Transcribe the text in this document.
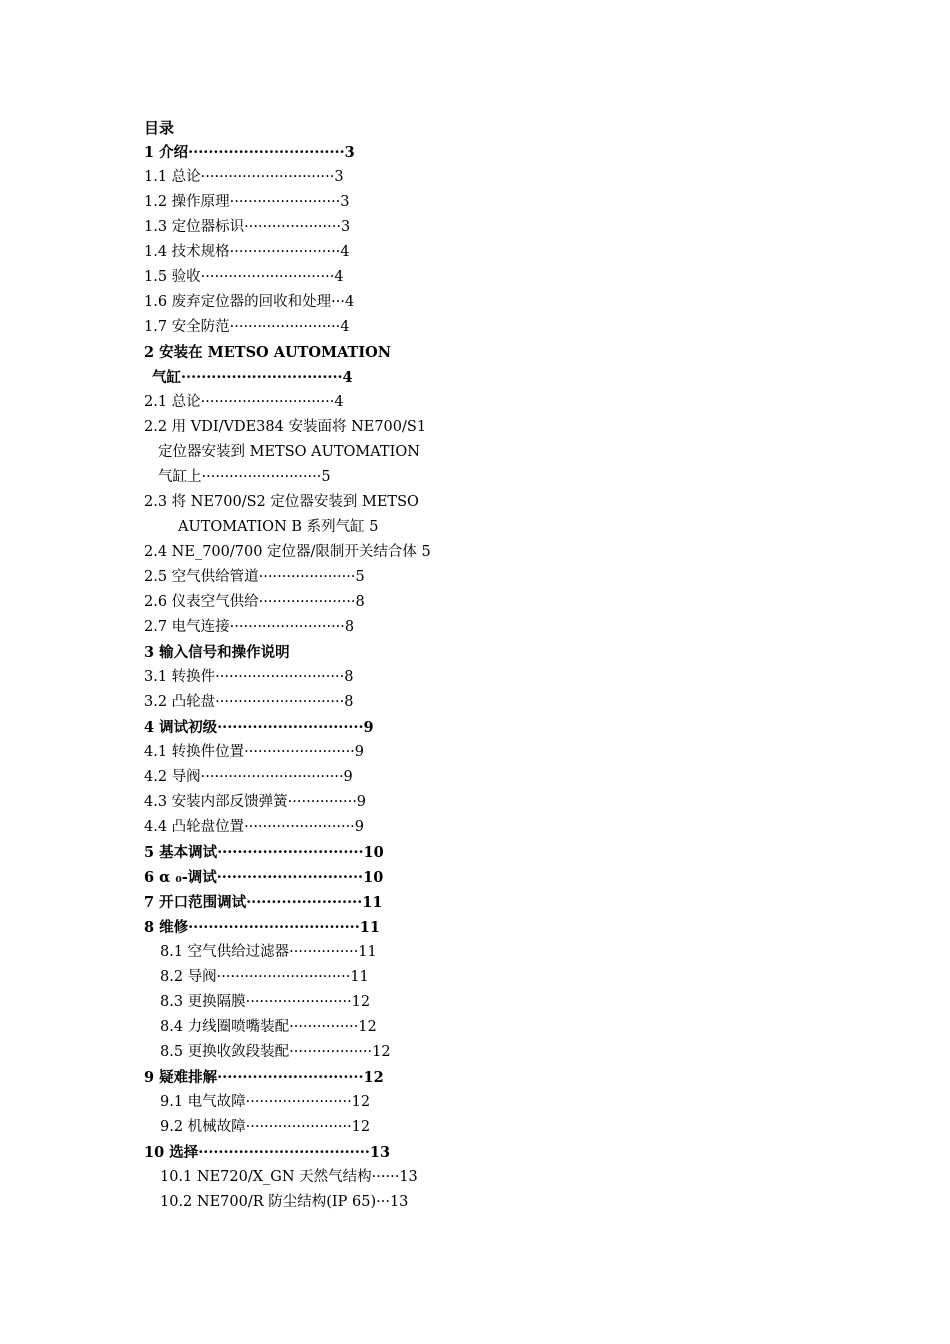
目录
1 介绍·······························3
1.1 总论·····························3
1.2 操作原理························3
1.3 定位器标识·····················3
1.4 技术规格························4
1.5 验收·····························4
1.6 废弃定位器的回收和处理···4
1.7 安全防范························4
2 安装在 METSO AUTOMATION
气缸································4
2.1 总论·····························4
2.2 用 VDI/VDE384 安装面将 NE700/S1
定位器安装到 METSO AUTOMATION
气缸上··························5
2.3 将 NE700/S2 定位器安装到 METSO
AUTOMATION B 系列气缸 5
2.4 NE_700/700 定位器/限制开关结合体 5
2.5 空气供给管道·····················5
2.6 仪表空气供给·····················8
2.7 电气连接·························8
3 输入信号和操作说明
3.1 转换件····························8
3.2 凸轮盘····························8
4 调试初级·····························9
4.1 转换件位置························9
4.2 导阀·······························9
4.3 安装内部反馈弹簧···············9
4.4 凸轮盘位置························9
5 基本调试·····························10
6 α ₀-调试·····························10
7 开口范围调试·······················11
8 维修··································11
8.1 空气供给过滤器···············11
8.2 导阀·····························11
8.3 更换隔膜·······················12
8.4 力线圈喷嘴装配···············12
8.5 更换收敛段装配··················12
9 疑难排解·····························12
9.1 电气故障·······················12
9.2 机械故障·······················12
10 选择··································13
10.1 NE720/X_GN 天然气结构······13
10.2 NE700/R 防尘结构(IP 65)···13
